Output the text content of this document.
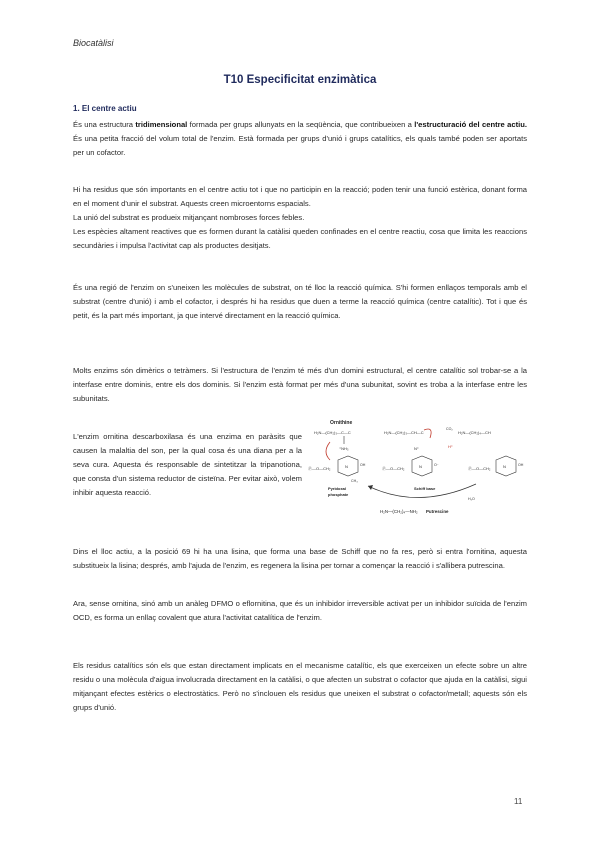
Biocatàlisi
T10 Especificitat enzimàtica
1. El centre actiu
És una estructura tridimensional formada per grups allunyats en la seqüència, que contribueixen a l'estructuració del centre actiu. És una petita fracció del volum total de l'enzim. Està formada per grups d'unió i grups catalítics, els quals també poden ser aportats per un cofactor.
Hi ha residus que són importants en el centre actiu tot i que no participin en la reacció; poden tenir una funció estèrica, donant forma en el moment d'unir el substrat. Aquests creen microentorns espacials.
La unió del substrat es produeix mitjançant nombroses forces febles.
Les espècies altament reactives que es formen durant la catàlisi queden confinades en el centre reactiu, cosa que limita les reaccions secundàries i impulsa l'activitat cap als productes desitjats.
És una regió de l'enzim on s'uneixen les molècules de substrat, on té lloc la reacció química. S'hi formen enllaços temporals amb el substrat (centre d'unió) i amb el cofactor, i després hi ha residus que duen a terme la reacció química (centre catalític). Tot i que és petit, és la part més important, ja que intervé directament en la reacció química.
Molts enzims són dimèrics o tetràmers. Si l'estructura de l'enzim té més d'un domini estructural, el centre catalític sol trobar-se a la interfase entre dominis, entre els dos dominis. Si l'enzim està format per més d'una subunitat, sovint es troba a la interfase entre les subunitats.
L'enzim ornitina descarboxilasa és una enzima en paràsits que causen la malaltia del son, per la qual cosa és una diana per a la seva cura. Aquesta és responsable de sintetitzar la tripanotiona, que consta d'un sistema reductor de cisteïna. Per evitar això, volem inhibir aquesta reacció.
Ornithine
H₂N—(CH₂)₃—C—C
⁺NH₃
Ⓟ—O—CH₂	N	OH
CH₃
Pyridoxal
phosphate
H₂N—(CH₂)₃—CH—C
N⁺
Ⓟ—O—CH₂	N	O⁻
Schiff base
CO₂
H⁺
H₂N—(CH₂)₄—CH
Ⓟ—O—CH₂	N	OH
H₂O
H₂N—(CH₂)₄—NH₂ Putrescine
Dins el lloc actiu, a la posició 69 hi ha una lisina, que forma una base de Schiff que no fa res, però si entra l'ornitina, aquesta substitueix la lisina; després, amb l'ajuda de l'enzim, es regenera la lisina per tornar a començar la reacció i s'allibera putrescina.
Ara, sense ornitina, sinó amb un anàleg DFMO o eflornitina, que és un inhibidor irreversible activat per un inhibidor suïcida de l'enzim OCD, es forma un enllaç covalent que atura l'activitat catalítica de l'enzim.
Els residus catalítics són els que estan directament implicats en el mecanisme catalític, els que exerceixen un efecte sobre un altre residu o una molècula d'aigua involucrada directament en la catàlisi, o que afecten un substrat o cofactor que ajuda en la catàlisi, sigui mitjançant efectes estèrics o electrostàtics. Però no s'inclouen els residus que uneixen el substrat o cofactor/metall; aquests són els grups d'unió.
11
